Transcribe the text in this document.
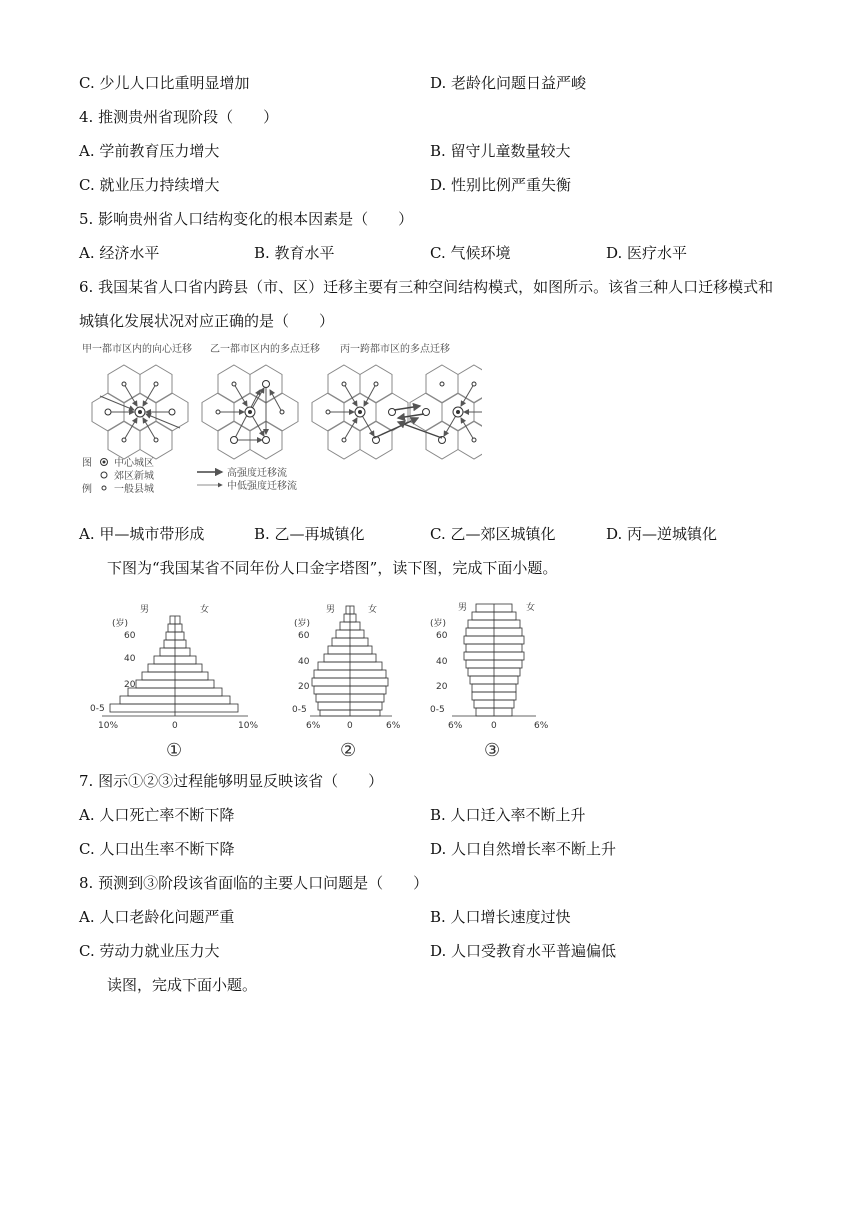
C. 少儿人口比重明显增加	D. 老龄化问题日益严峻
4. 推测贵州省现阶段（　　）
A. 学前教育压力增大	B. 留守儿童数量较大
C. 就业压力持续增大	D. 性别比例严重失衡
5. 影响贵州省人口结构变化的根本因素是（　　）
A. 经济水平	B. 教育水平	C. 气候环境	D. 医疗水平
6. 我国某省人口省内跨县（市、区）迁移主要有三种空间结构模式，如图所示。该省三种人口迁移模式和
城镇化发展状况对应正确的是（　　）
甲一都市区内的向心迁移 乙一都市区内的多点迁移 丙一跨都市区的多点迁移
图
例
中心城区
郊区新城
一般县城
高强度迁移流
中低强度迁移流
A. 甲—城市带形成	B. 乙—再城镇化	C. 乙—郊区城镇化	D. 丙—逆城镇化
下图为“我国某省不同年份人口金字塔图”，读下图，完成下面小题。
男	女
(岁)
60
40
20
0-5
10%	0	10%
①
男	女
(岁)
60
40
20
0-5
6%	0	6%
②
男	女
(岁)
60
40
20
0-5
6%	0	6%
③
7. 图示①②③过程能够明显反映该省（　　）
A. 人口死亡率不断下降	B. 人口迁入率不断上升
C. 人口出生率不断下降	D. 人口自然增长率不断上升
8. 预测到③阶段该省面临的主要人口问题是（　　）
A. 人口老龄化问题严重	B. 人口增长速度过快
C. 劳动力就业压力大	D. 人口受教育水平普遍偏低
读图，完成下面小题。
